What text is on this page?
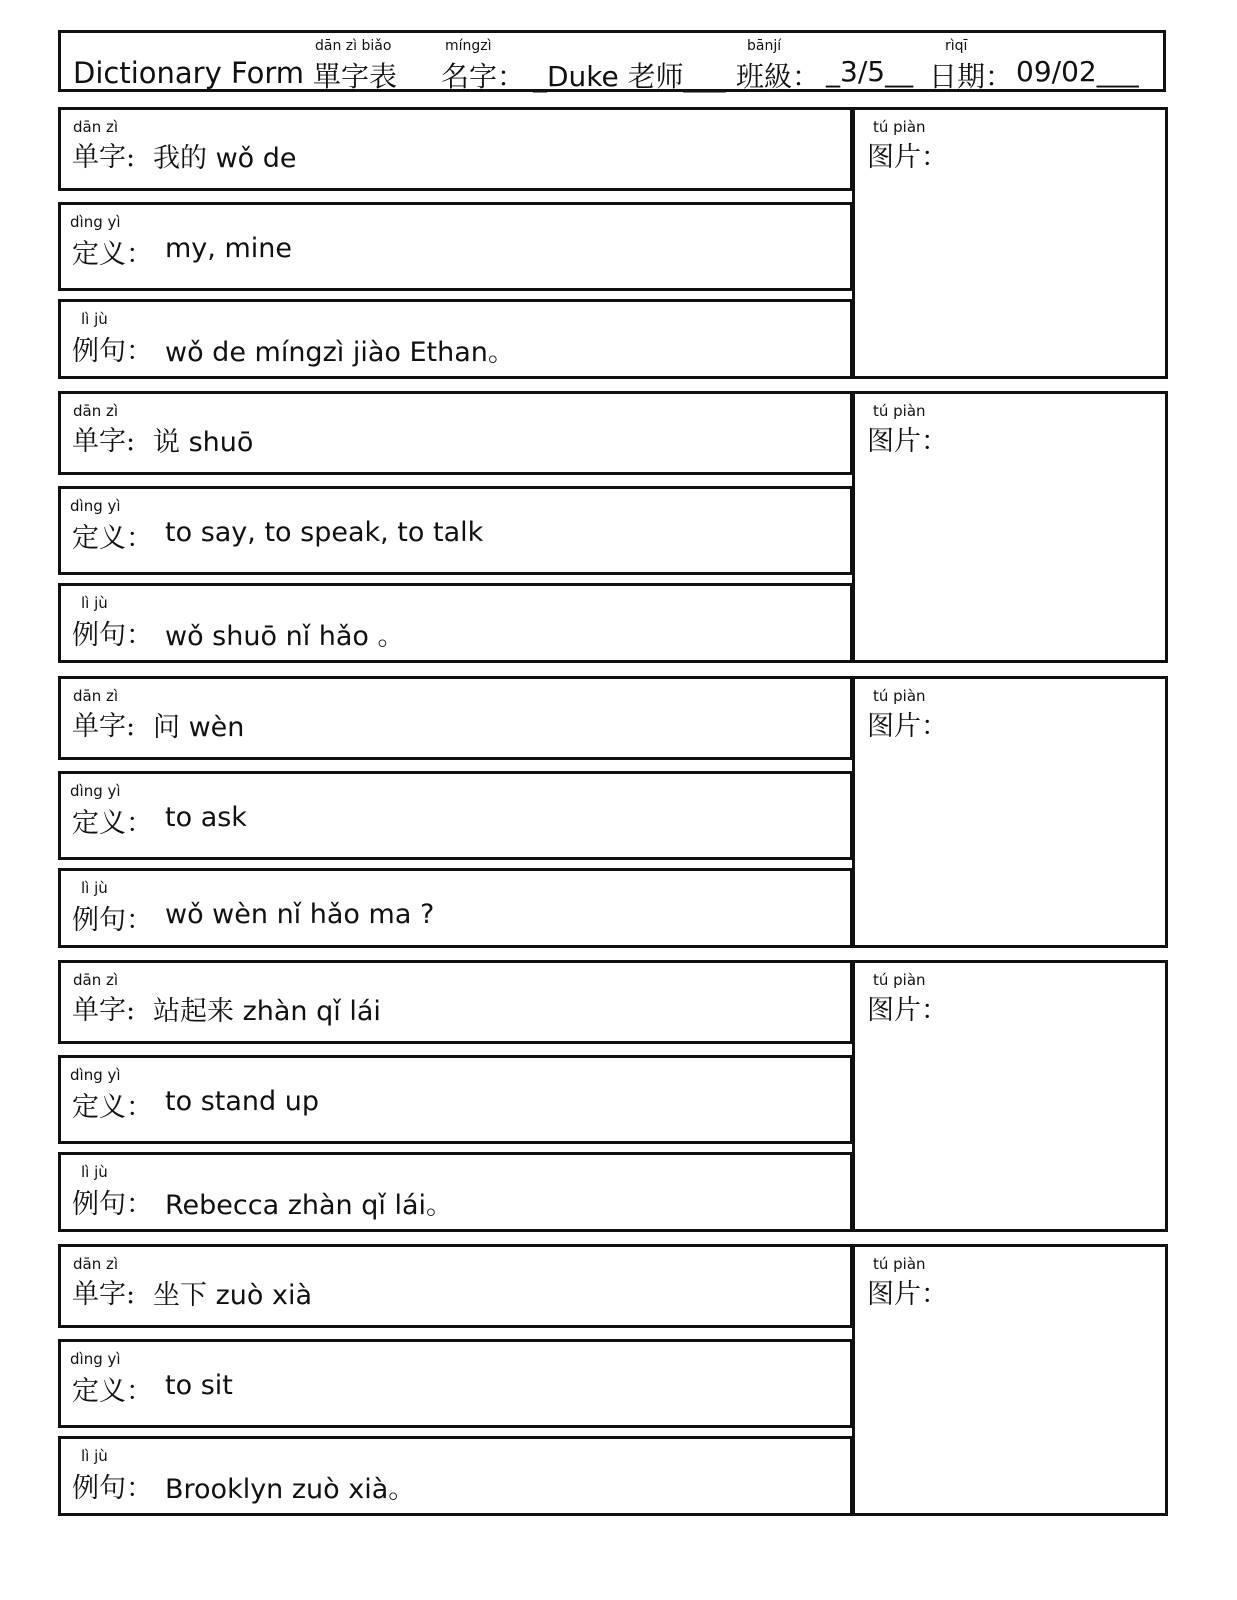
Dictionary Form
dān zì biǎo
單字表
míngzì
名字： _Duke 老师___
bānjí
班級： _3/5__
rìqī
日期： 09/02___
dān zì
单字: 我的 wǒ de
dìng yì
定义： my, mine
lì jù
例句： wǒ de míngzì jiào Ethan。
tú piàn
图片：
dān zì
单字: 说 shuō
dìng yì
定义： to say, to speak, to talk
lì jù
例句： wǒ shuō nǐ hǎo 。
tú piàn
图片：
dān zì
单字: 问 wèn
dìng yì
定义： to ask
lì jù
例句： wǒ wèn nǐ hǎo ma ?
tú piàn
图片：
dān zì
单字: 站起来 zhàn qǐ lái
dìng yì
定义： to stand up
lì jù
例句： Rebecca zhàn qǐ lái。
tú piàn
图片：
dān zì
单字: 坐下 zuò xià
dìng yì
定义： to sit
lì jù
例句： Brooklyn zuò xià。
tú piàn
图片：
